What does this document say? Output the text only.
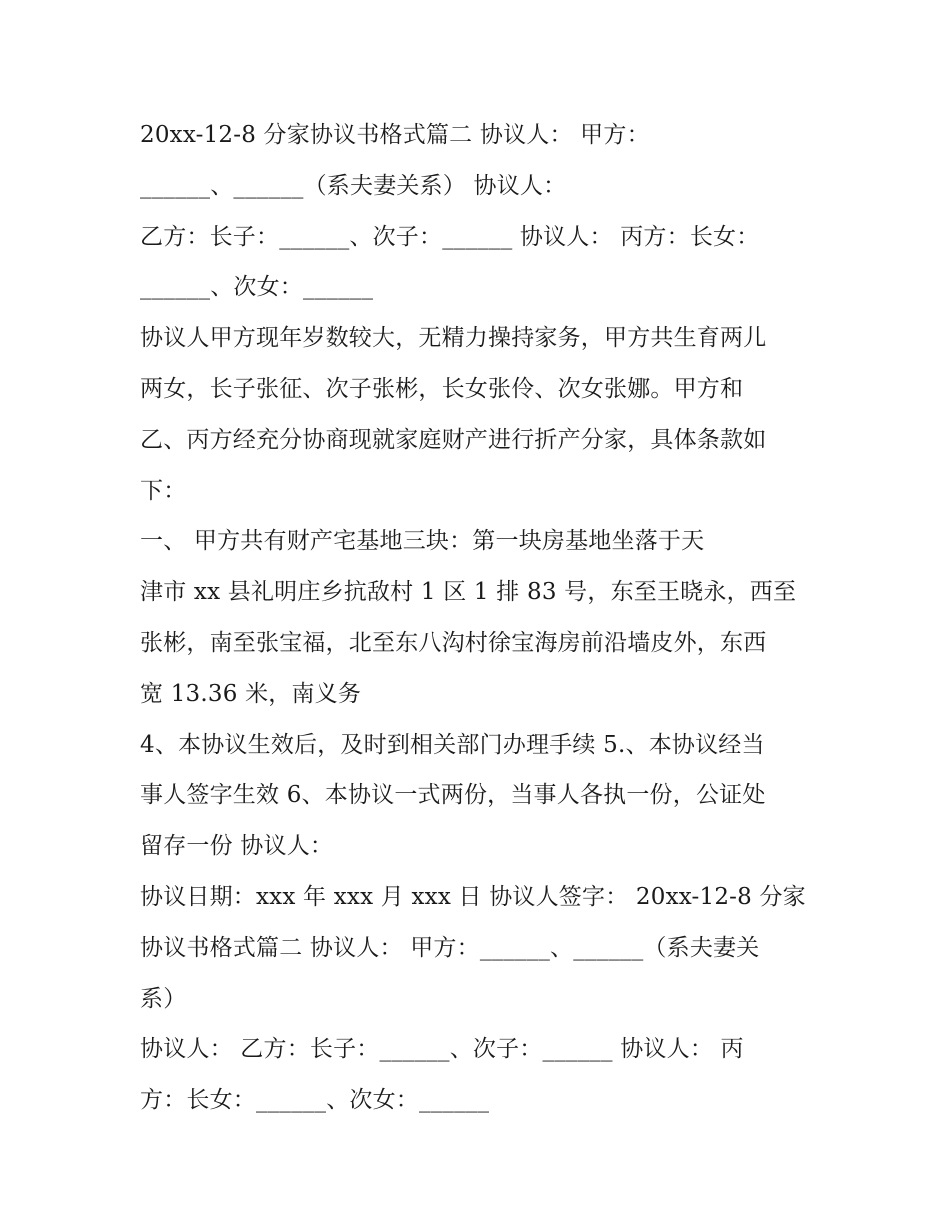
20xx-12-8 分家协议书格式篇二 协议人： 甲方：
______、______（系夫妻关系） 协议人：
乙方：长子：______、次子：______ 协议人： 丙方：长女：
______、次女：______
协议人甲方现年岁数较大，无精力操持家务，甲方共生育两儿
两女，长子张征、次子张彬，长女张伶、次女张娜。甲方和
乙、丙方经充分协商现就家庭财产进行折产分家，具体条款如
下：
一、 甲方共有财产宅基地三块：第一块房基地坐落于天
津市 xx 县礼明庄乡抗敌村 1 区 1 排 83 号，东至王晓永，西至
张彬，南至张宝福，北至东八沟村徐宝海房前沿墙皮外，东西
宽 13.36 米，南义务
4、本协议生效后，及时到相关部门办理手续 5.、本协议经当
事人签字生效 6、本协议一式两份，当事人各执一份，公证处
留存一份 协议人：
协议日期：xxx 年 xxx 月 xxx 日 协议人签字： 20xx-12-8 分家
协议书格式篇二 协议人： 甲方：______、______（系夫妻关
系）
协议人： 乙方：长子：______、次子：______ 协议人： 丙
方：长女：______、次女：______
